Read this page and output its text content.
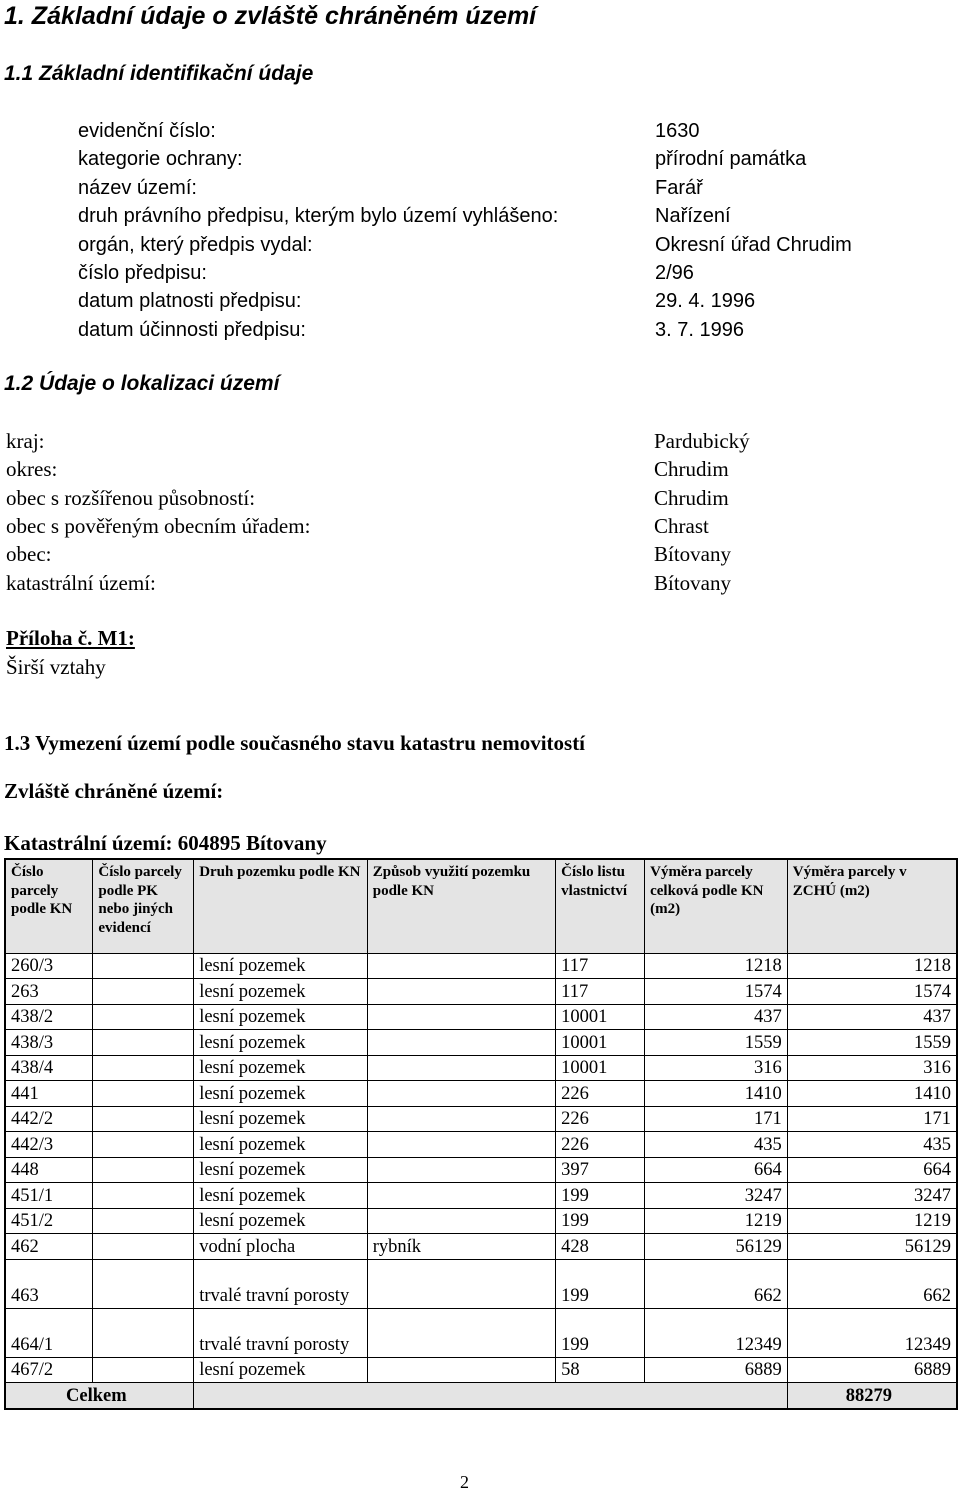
1. Základní údaje o zvláště chráněném území
1.1 Základní identifikační údaje
evidenční číslo:	1630
kategorie ochrany:	přírodní památka
název území:	Farář
druh právního předpisu, kterým bylo území vyhlášeno:	Nařízení
orgán, který předpis vydal:	Okresní úřad Chrudim
číslo předpisu:	2/96
datum platnosti předpisu:	29. 4. 1996
datum účinnosti předpisu:	3. 7. 1996
1.2 Údaje o lokalizaci území
kraj:	Pardubický
okres:	Chrudim
obec s rozšířenou působností:	Chrudim
obec s pověřeným obecním úřadem:	Chrast
obec:	Bítovany
katastrální území:	Bítovany
Příloha č. M1:
Širší vztahy
1.3 Vymezení území podle současného stavu katastru nemovitostí
Zvláště chráněné území:
Katastrální území: 604895 Bítovany
Číslo parcely podle KN	Číslo parcely podle PK nebo jiných evidencí	Druh pozemku podle KN	Způsob využití pozemku podle KN	Číslo listu vlastnictví	Výměra parcely celková podle KN (m2)	Výměra parcely v ZCHÚ (m2)
260/3		lesní pozemek		117	1218	1218
263		lesní pozemek		117	1574	1574
438/2		lesní pozemek		10001	437	437
438/3		lesní pozemek		10001	1559	1559
438/4		lesní pozemek		10001	316	316
441		lesní pozemek		226	1410	1410
442/2		lesní pozemek		226	171	171
442/3		lesní pozemek		226	435	435
448		lesní pozemek		397	664	664
451/1		lesní pozemek		199	3247	3247
451/2		lesní pozemek		199	1219	1219
462		vodní plocha	rybník	428	56129	56129
463		trvalé travní porosty		199	662	662
464/1		trvalé travní porosty		199	12349	12349
467/2		lesní pozemek		58	6889	6889
Celkem						88279
2
